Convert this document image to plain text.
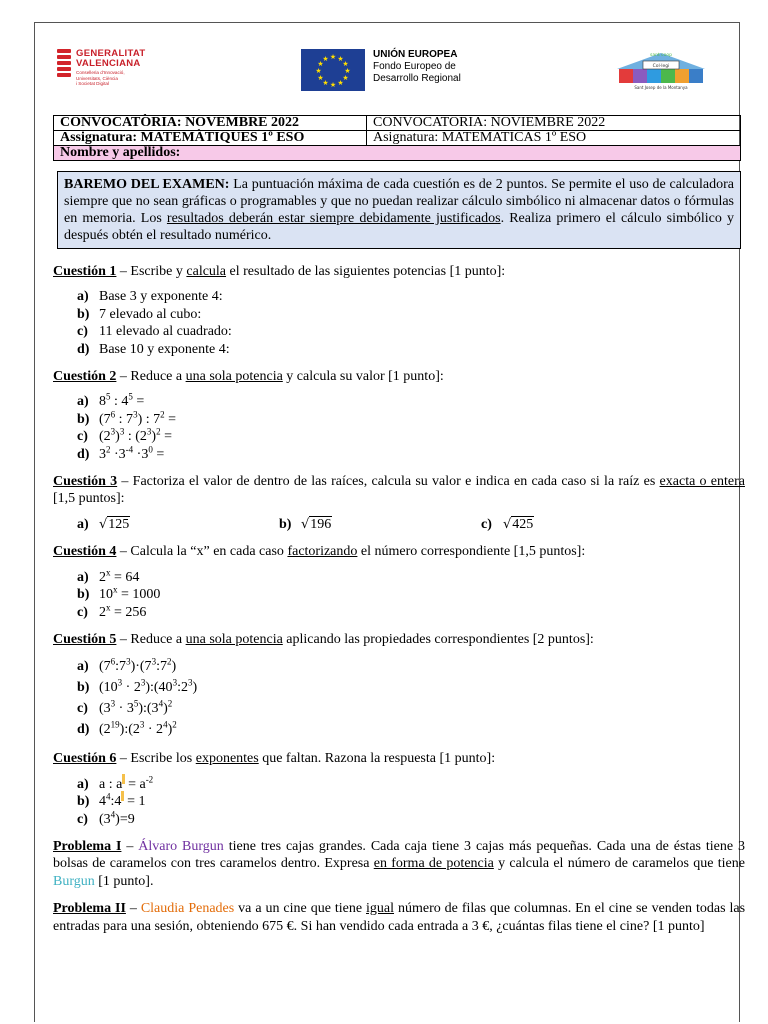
GENERALITAT
VALENCIANA
Conselleria d'Innovació,
Universitats, Ciència
i Societat Digital
★ ★
★
★
★
★
★
★
★
★
★
★	UNIÓN EUROPEA
Fondo Europeo de
Desarrollo Regional
sant coop
Col·legi
Sant Josep de la Montanya
CONVOCATÒRIA: NOVEMBRE 2022	CONVOCATORIA: NOVIEMBRE 2022
Assignatura: MATEMÀTIQUES 1º ESO	Asignatura: MATEMATICAS 1º ESO
Nombre y apellidos:	
BAREMO DEL EXAMEN: La puntuación máxima de cada cuestión es de 2 puntos. Se permite el uso de calculadora siempre que no sean gráficas o programables y que no puedan realizar cálculo simbólico ni almacenar datos o fórmulas en memoria. Los resultados deberán estar siempre debidamente justificados. Realiza primero el cálculo simbólico y después obtén el resultado numérico.

Cuestión 1 – Escribe y calcula el resultado de las siguientes potencias [1 punto]:

a) Base 3 y exponente 4:
b) 7 elevado al cubo:
c) 11 elevado al cuadrado:
d) Base 10 y exponente 4:

Cuestión 2 – Reduce a una sola potencia y calcula su valor [1 punto]:

a) $8^5$ : $4^5$ =
b) ($7^6$ : $7^3$) : $7^2$ =
c) $(2^3)^3$ : $(2^3)^2$ =
d) $3^2 \cdot 3^{-4} \cdot 3^0$ =

Cuestión 3 – Factoriza el valor de dentro de las raíces, calcula su valor e indica en cada caso si la raíz es exacta o entera [1,5 puntos]:

a) √125	b) √196	c) √425

Cuestión 4 – Calcula la “x” en cada caso factorizando el número correspondiente [1,5 puntos]:

a) $2^x = 64$
b) $10^x = 1000$
c) $2^x = 256$

Cuestión 5 – Reduce a una sola potencia aplicando las propiedades correspondientes [2 puntos]:

a) $(7^6:7^3)\cdot(7^3:7^2)$
b) ($10^3$ · $2^3):(40^3:2^3)$
c) ($3^3$ · $3^5):(3^4)^2$
d) $(2^{19}):(2^3 \cdot 2^4)^2$

Cuestión 6 – Escribe los exponentes que faltan. Razona la respuesta [1 punto]:

a) a : $a = a^{-2}$
b) $4^4:4 = 1$
c) $(3^4)=9$

Problema I – Álvaro Burgun tiene tres cajas grandes. Cada caja tiene 3 cajas más pequeñas. Cada una de éstas tiene 3 bolsas de caramelos con tres caramelos dentro. Expresa en forma de potencia y calcula el número de caramelos que tiene Burgun [1 punto].

Problema II – Claudia Penades va a un cine que tiene igual número de filas que columnas. En el cine se venden todas las entradas para una sesión, obteniendo 675 €. Si han vendido cada entrada a 3 €, ¿cuántas filas tiene el cine? [1 punto]
